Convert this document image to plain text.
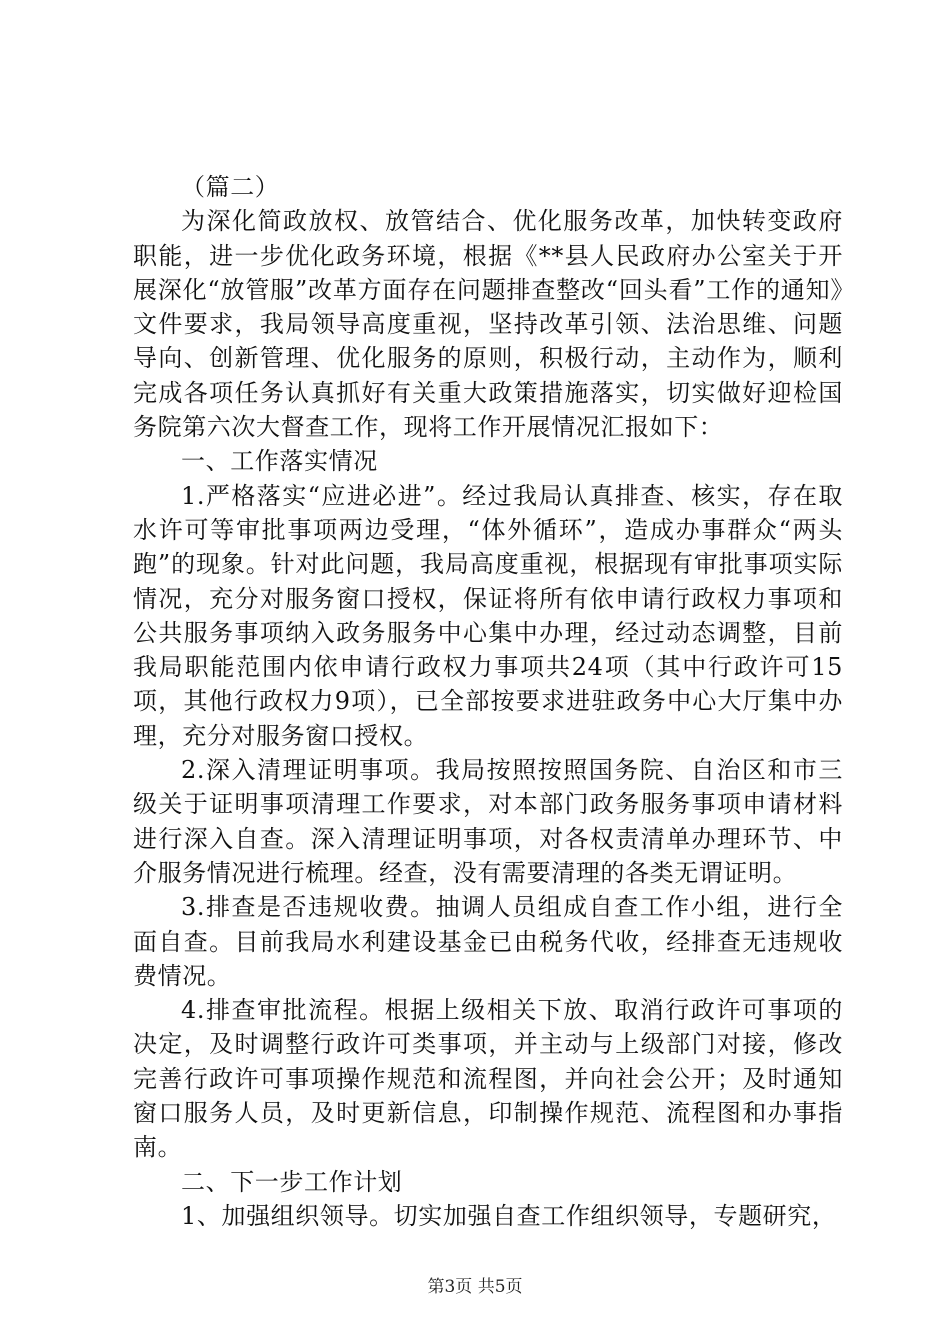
（篇二）

为深化简政放权、放管结合、优化服务改革，加快转变政府职能，进一步优化政务环境，根据《**县人民政府办公室关于开展深化“放管服”改革方面存在问题排查整改“回头看”工作的通知》文件要求，我局领导高度重视，坚持改革引领、法治思维、问题导向、创新管理、优化服务的原则，积极行动，主动作为，顺利完成各项任务认真抓好有关重大政策措施落实，切实做好迎检国务院第六次大督查工作，现将工作开展情况汇报如下：

一、工作落实情况

1.严格落实“应进必进”。经过我局认真排查、核实，存在取水许可等审批事项两边受理，“体外循环”，造成办事群众“两头跑”的现象。针对此问题，我局高度重视，根据现有审批事项实际情况，充分对服务窗口授权，保证将所有依申请行政权力事项和公共服务事项纳入政务服务中心集中办理，经过动态调整，目前我局职能范围内依申请行政权力事项共24项（其中行政许可15项，其他行政权力9项），已全部按要求进驻政务中心大厅集中办理，充分对服务窗口授权。

2.深入清理证明事项。我局按照按照国务院、自治区和市三级关于证明事项清理工作要求，对本部门政务服务事项申请材料进行深入自查。深入清理证明事项，对各权责清单办理环节、中介服务情况进行梳理。经查，没有需要清理的各类无谓证明。

3.排查是否违规收费。抽调人员组成自查工作小组，进行全面自查。目前我局水利建设基金已由税务代收，经排查无违规收费情况。

4.排查审批流程。根据上级相关下放、取消行政许可事项的决定，及时调整行政许可类事项，并主动与上级部门对接，修改完善行政许可事项操作规范和流程图，并向社会公开；及时通知窗口服务人员，及时更新信息，印制操作规范、流程图和办事指南。

二、下一步工作计划

1、加强组织领导。切实加强自查工作组织领导，专题研究，

第3页 共5页
